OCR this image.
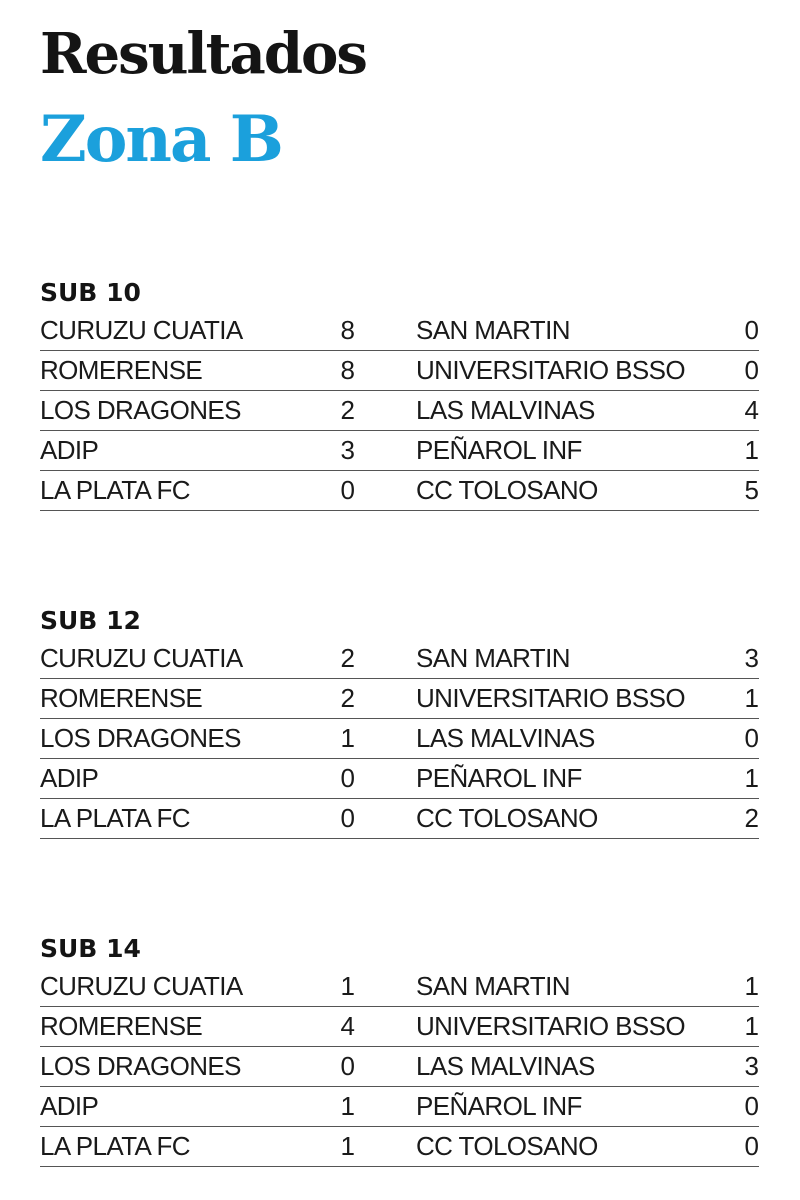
Resultados
Zona B
SUB 10
CURUZU CUATIA	8 SAN MARTIN	0
ROMERENSE	8 UNIVERSITARIO BSSO	0
LOS DRAGONES	2 LAS MALVINAS	4
ADIP	3 PEÑAROL INF	1
LA PLATA FC	0 CC TOLOSANO	5
SUB 12
CURUZU CUATIA	2 SAN MARTIN	3
ROMERENSE	2 UNIVERSITARIO BSSO	1
LOS DRAGONES	1 LAS MALVINAS	0
ADIP	0 PEÑAROL INF	1
LA PLATA FC	0 CC TOLOSANO	2
SUB 14
CURUZU CUATIA	1 SAN MARTIN	1
ROMERENSE	4 UNIVERSITARIO BSSO	1
LOS DRAGONES	0 LAS MALVINAS	3
ADIP	1 PEÑAROL INF	0
LA PLATA FC	1 CC TOLOSANO	0
